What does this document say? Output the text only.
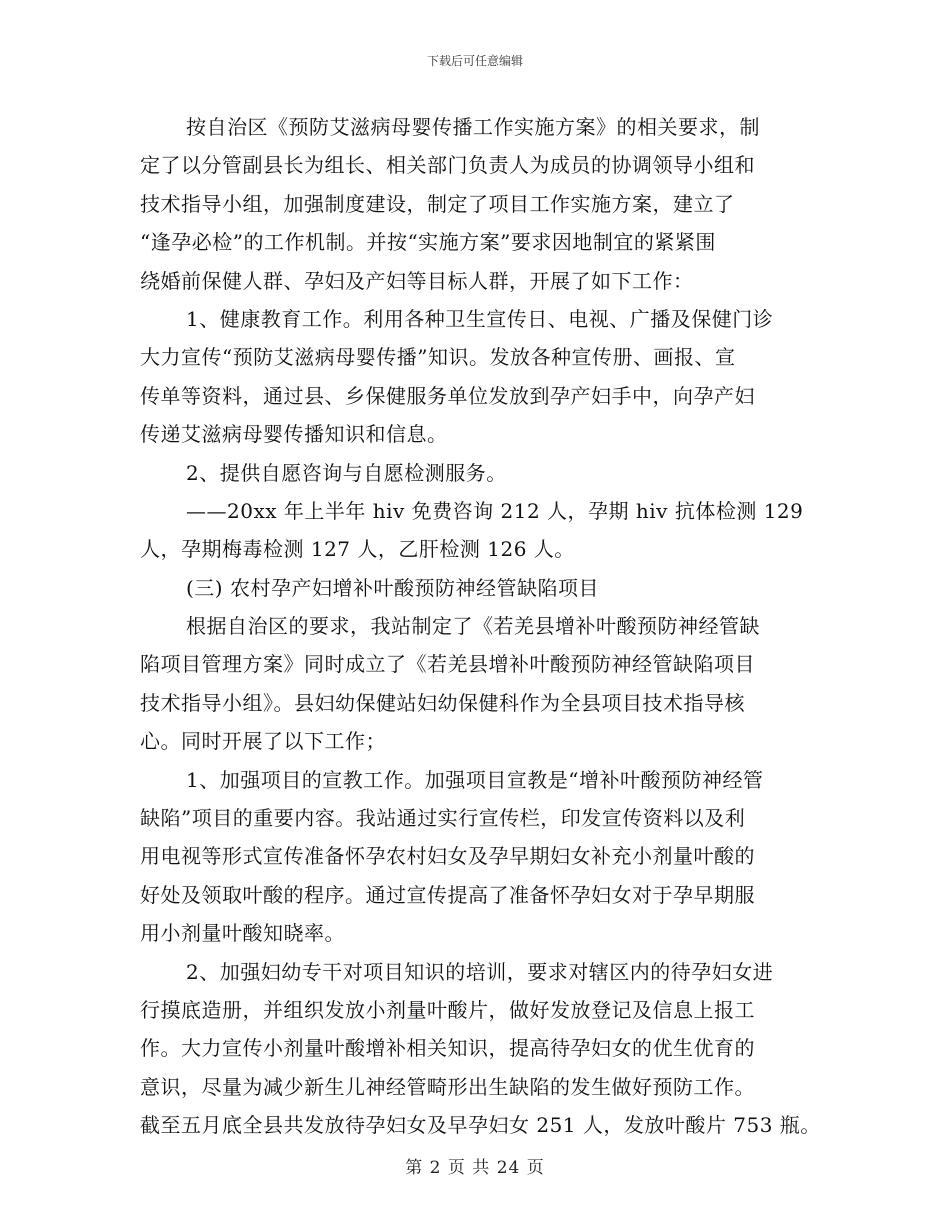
下载后可任意编辑
按自治区《预防艾滋病母婴传播工作实施方案》的相关要求，制
定了以分管副县长为组长、相关部门负责人为成员的协调领导小组和
技术指导小组，加强制度建设，制定了项目工作实施方案，建立了
“逢孕必检”的工作机制。并按“实施方案”要求因地制宜的紧紧围
绕婚前保健人群、孕妇及产妇等目标人群，开展了如下工作：
1、健康教育工作。利用各种卫生宣传日、电视、广播及保健门诊
大力宣传“预防艾滋病母婴传播”知识。发放各种宣传册、画报、宣
传单等资料，通过县、乡保健服务单位发放到孕产妇手中，向孕产妇
传递艾滋病母婴传播知识和信息。
2、提供自愿咨询与自愿检测服务。
——20xx 年上半年 hiv 免费咨询 212 人，孕期 hiv 抗体检测 129
人，孕期梅毒检测 127 人，乙肝检测 126 人。
(三) 农村孕产妇增补叶酸预防神经管缺陷项目
根据自治区的要求，我站制定了《若羌县增补叶酸预防神经管缺
陷项目管理方案》同时成立了《若羌县增补叶酸预防神经管缺陷项目
技术指导小组》。县妇幼保健站妇幼保健科作为全县项目技术指导核
心。同时开展了以下工作；
1、加强项目的宣教工作。加强项目宣教是“增补叶酸预防神经管
缺陷”项目的重要内容。我站通过实行宣传栏，印发宣传资料以及利
用电视等形式宣传准备怀孕农村妇女及孕早期妇女补充小剂量叶酸的
好处及领取叶酸的程序。通过宣传提高了准备怀孕妇女对于孕早期服
用小剂量叶酸知晓率。
2、加强妇幼专干对项目知识的培训，要求对辖区内的待孕妇女进
行摸底造册，并组织发放小剂量叶酸片，做好发放登记及信息上报工
作。大力宣传小剂量叶酸增补相关知识，提高待孕妇女的优生优育的
意识，尽量为减少新生儿神经管畸形出生缺陷的发生做好预防工作。
截至五月底全县共发放待孕妇女及早孕妇女 251 人，发放叶酸片 753 瓶。
第 2 页 共 24 页
